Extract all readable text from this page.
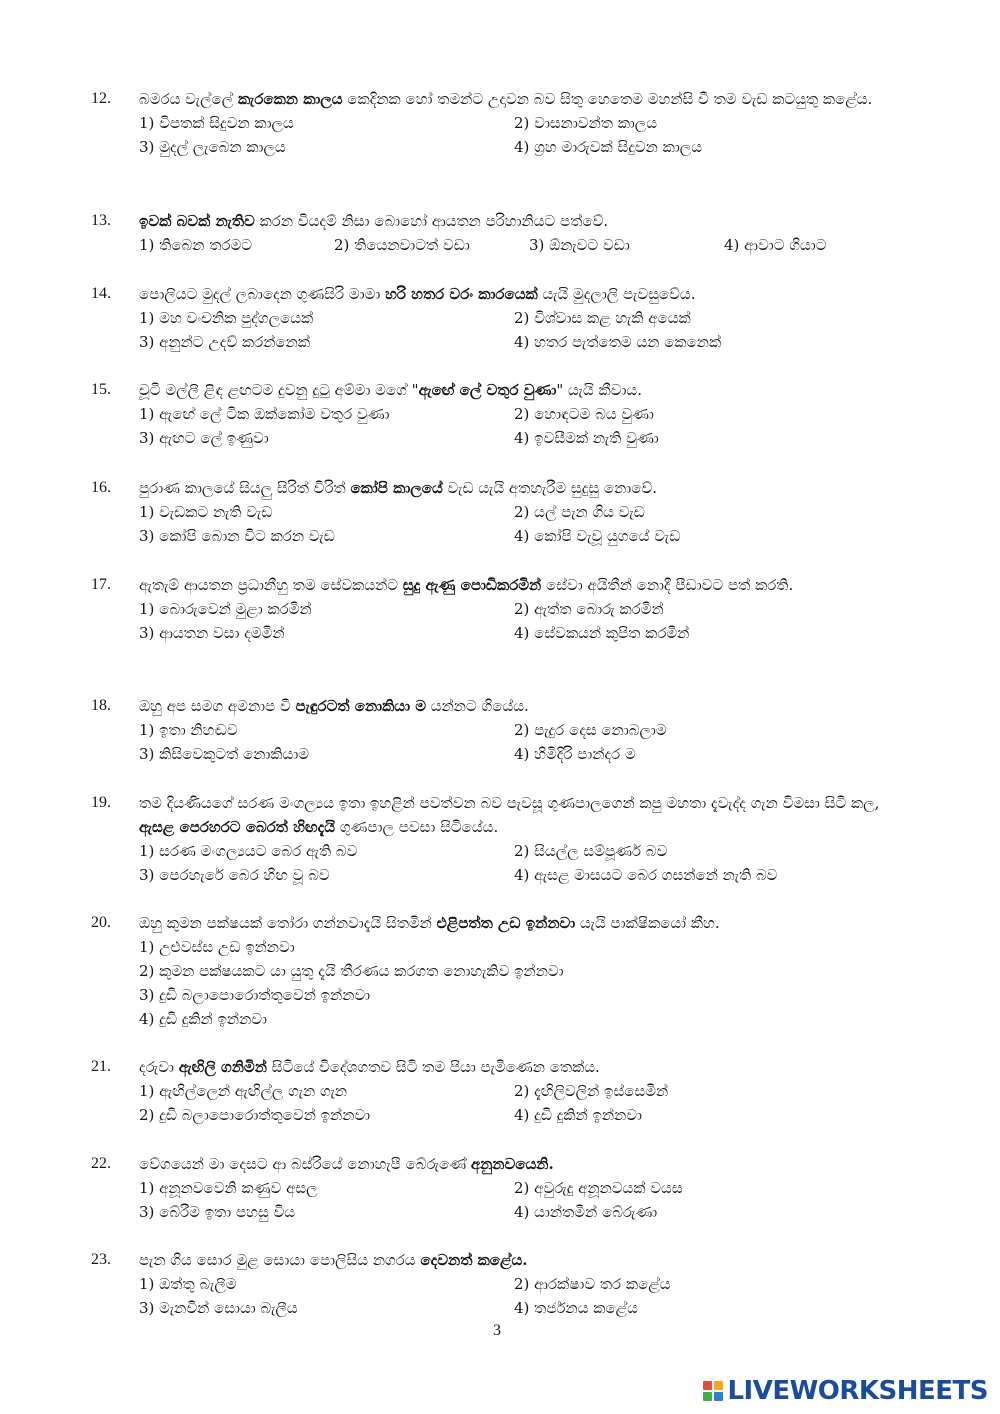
12.	බමරය වැල්ලේ කැරකෙන කාලය කෙදිනක හෝ තමන්ට උදාවන බව සිතු හෙතෙම මහන්සි වී තම වැඩ කටයුතු කළේය.

1) විපතක් සිදුවන කාලය	2) වාසනාවන්ත කාලය
3) මුදල් ලැබෙන කාලය	4) ග්‍රහ මාරුවක් සිදුවන කාලය
13.	ඉවක් බවක් නැතිව කරන වියදම් නිසා බොහෝ ආයතන පරිහානියට පත්වේ.

1) තිබෙන තරමට	2) තියෙනවාටත් වඩා	3) ඕනැවට වඩා	4) ආවාට ගියාට
14.	පොලියට මුදල් ලබාදෙන ගුණසිරි මාමා හරි හතර වරං කාරයෙක් යැයි මුදලාලි පැවසුවේය.

1) මහ වංචනික පුද්ගලයෙක්	2) විශ්වාස කළ හැකි අයෙක්
3) අනුන්ට උදව් කරන්නෙක්	4) හතර පැත්තෙම යන කෙනෙක්
15.	චූටි මල්ලී ළිඳ ළඟටම දුවනු දුටු අම්මා මගේ "ඇඟේ ලේ වතුර වුණා" යැයි කීවාය.

1) ඇඟේ ලේ ටික ඔක්කෝම වතුර වුණා	2) හොඳටම බය වුණා
3) ඇඟට ලේ ඉණුවා	4) ඉවසීමක් නැති වුණා
16.	පුරාණ කාලයේ සියලු සිරිත් විරිත් කෝපි කාලයේ වැඩ යැයි අතහැරීම සුදුසු නොවේ.

1) වැඩකට නැති වැඩ	2) යල් පැන ගිය වැඩ
3) කෝපි බොන විට කරන වැඩ	4) කෝපි වැවූ යුගයේ වැඩ
17.	ඇතැම් ආයතන ප්‍රධානීහු තම සේවකයන්ට සුදු ඇණු පොඩිකරමින් සේවා අයිතීන් නොදී පීඩාවට පත් කරති.

1) බොරුවෙන් මුළා කරමින්	2) ඇත්ත බොරු කරමින්
3) ආයතන වසා දමමින්	4) සේවකයන් කුපිත කරමින්
18.	ඔහු අප සමග අමනාප වී පැඳුරටත් නොකියා ම යන්නට ගියේය.

1) ඉතා නිහඬව	2) පැදුර දෙස නොබලාම
3) කිසිවෙකුටත් නොකියාම	4) හිමිදිරි පාන්දර ම
19.	තම දියණියගේ සරණ මංගල්‍යය ඉතා ඉහළින් පවත්වන බව පැවසූ ගුණපාලගෙන් කපු මහතා දැවැද්ද ගැන විමසා සිටි කල, ඇසළ පෙරහරට බෙරත් හිඟදැයි ගුණපාල පවසා සිටියේය.

1) සරණ මංගල්‍යයට බෙර ඇති බව	2) සියල්ල සම්පූර්ණ බව
3) පෙරහැරේ බෙර හිඟ වූ බව	4) ඇසළ මාසයට බෙර ගසන්නේ නැති බව
20.	ඔහු කුමන පක්ෂයක් තෝරා ගන්නවාදැයි සිතමින් එළිපත්ත උඩ ඉන්නවා යැයි පාක්ෂිකයෝ කීහ.

1) උළුවස්ස උඩ ඉන්නවා
2) කුමන පක්ෂයකට යා යුතු දැයි තීරණය කරගත නොහැකිව ඉන්නවා
3) දුඩි බලාපොරොත්තුවෙන් ඉන්නවා
4) දුඩි දුකින් ඉන්නවා
21.	දරුවා ඇඟිලි ගනිමින් සිටියේ විදේශගතව සිටි තම පියා පැමිණෙන තෙක්ය.

1) ඇඟිල්ලෙන් ඇඟිල්ල ගැන ගැන	2) දැඟිලිවලින් ඉස්සෙමින්
2) දුඩි බලාපොරොත්තුවෙන් ඉන්නවා	4) දුඩි දුකින් ඉන්නවා
22.	වේගයෙන් මා දෙසට ආ බස්රියේ නොහැපී බේරුණේ අනුනවයෙනි.

1) අනූනවවෙනි කණුව අසල	2) අවුරුදු අනූනවයක් වයස
3) බේරීම ඉතා පහසු විය	4) යාන්තමින් බේරුණා
23.	පැන ගිය සොර මුළ සොයා පොලිසිය නගරය දෙවනත් කළේය.

1) ඔත්තු බැලීම	2) ආරක්ෂාව තර කළේය
3) මැනවින් සොයා බැලීය	4) තර්ජනය කළේය
3
LIVEWORKSHEETS
